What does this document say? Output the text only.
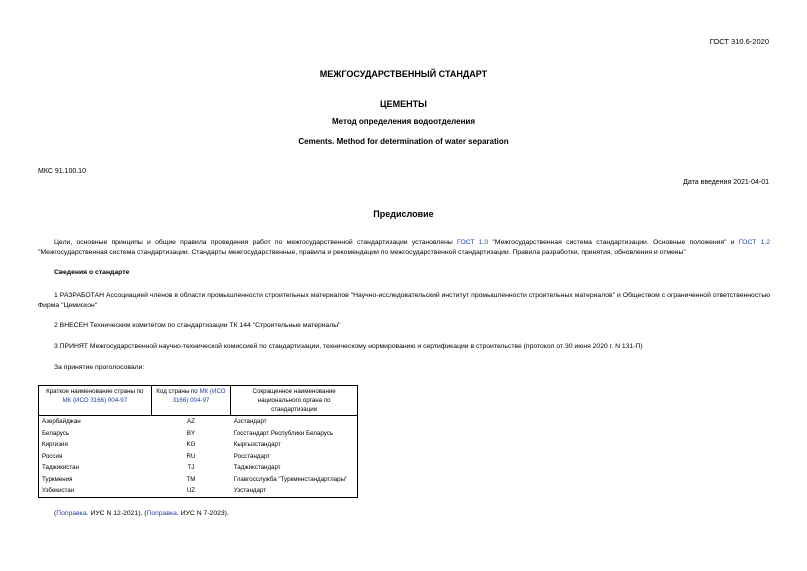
ГОСТ 310.6-2020
МЕЖГОСУДАРСТВЕННЫЙ СТАНДАРТ
ЦЕМЕНТЫ
Метод определения водоотделения
Cements. Method for determination of water separation
МКС 91.100.10
Дата введения 2021-04-01
Предисловие
Цели, основные принципы и общие правила проведения работ по межгосударственной стандартизации установлены ГОСТ 1.0 "Межгосударственная система стандартизации. Основные положения" и ГОСТ 1.2 "Межгосударственная система стандартизации. Стандарты межгосударственные, правила и рекомендации по межгосударственной стандартизации. Правила разработки, принятия, обновления и отмены"
Сведения о стандарте
1 РАЗРАБОТАН Ассоциацией членов в области промышленности строительных материалов "Научно-исследовательский институт промышленности строительных материалов" и Обществом с ограниченной ответственностью Фирма "Цемискон"
2 ВНЕСЕН Техническим комитетом по стандартизации ТК 144 "Строительные материалы"
3 ПРИНЯТ Межгосударственной научно-технической комиссией по стандартизации, техническому нормированию и сертификации в строительстве (протокол от 30 июня 2020 г. N 131-П)
За принятие проголосовали:
Краткое наименование страны по МК (ИСО 3166) 004-97	Код страны по МК (ИСО 3166) 004-97	Сокращенное наименование национального органа по стандартизации
Азербайджан	AZ	Азстандарт
Беларусь	BY	Госстандарт Республики Беларусь
Киргизия	KG	Кыргызстандарт
Россия	RU	Росстандарт
Таджикистан	TJ	Таджикстандарт
Туркмения	TM	Главгосслужба "Туркменстандартлары"
Узбекистан	UZ	Узстандарт
(Поправка. ИУС N 12-2021), (Поправка. ИУС N 7-2023).
